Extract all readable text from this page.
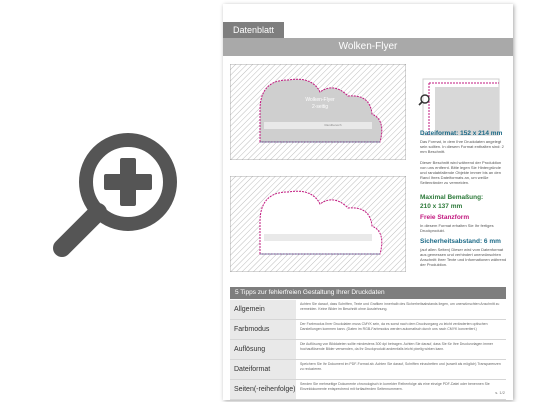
Datenblatt
Wolken-Flyer
Wolken-Flyer
2-seitig
Randbereich
Dateiformat: 152 x 214 mm
Das Format, in dem Ihre Druckdaten angelegt sein sollten. In diesem Format enthalten sind: 2 mm Beschnitt.
Dieser Beschnitt wird während der Produktion von uns entfernt. Bitte legen Sie Hintergründe und randabfallende Objekte immer bis an den Rand Ihres Dateiformats an, um weiße Seitenränder zu vermeiden.
Maximal Bemaßung:
210 x 137 mm
Freie Stanzform
In diesem Format erhalten Sie Ihr fertiges Druckprodukt.
Sicherheitsabstand: 6 mm
(auf allen Seiten) Dieser wird vom Datenformat aus gemessen und verhindert unerwünschten Anschnitt Ihrer Texte und Informationen während der Produktion.
5 Tipps zur fehlerfreien Gestaltung Ihrer Druckdaten
Allgemein
Achten Sie darauf, dass Schriften, Texte und Grafiken innerhalb des Sicherheitsabstands liegen, um unerwünschten Anschnitt zu vermeiden. Keine Bilder im Beschnitt ohne Ausdehnung.
Farbmodus
Der Farbmodus Ihrer Druckdaten muss CMYK sein, da es sonst nach dem Druckvorgang zu leicht veränderten optischen Darstellungen kommen kann. (Daten im RGB-Farbmodus werden automatisch durch uns nach CMYK konvertiert.)
Auflösung
Die Auflösung von Bilddateien sollte mindestens 300 dpi betragen. Achten Sie darauf, dass Sie für Ihre Druckvorlagen immer hochauflösende Bilder verwenden, da Ihr Druckprodukt andernfalls leicht pixelig wirken kann.
Dateiformat
Speichern Sie Ihr Dokument im PDF-Format ab. Achten Sie darauf, Schriften einzubetten und (soweit als möglich) Transparenzen zu reduzieren.
Seiten(-reihenfolge)
Senden Sie mehrseitige Dokumente chronologisch in korrekter Reihenfolge als eine einzige PDF-Datei oder benennen Sie Einzeldokumente entsprechend mit fortlaufenden Seitennummern.
s. 1/2
